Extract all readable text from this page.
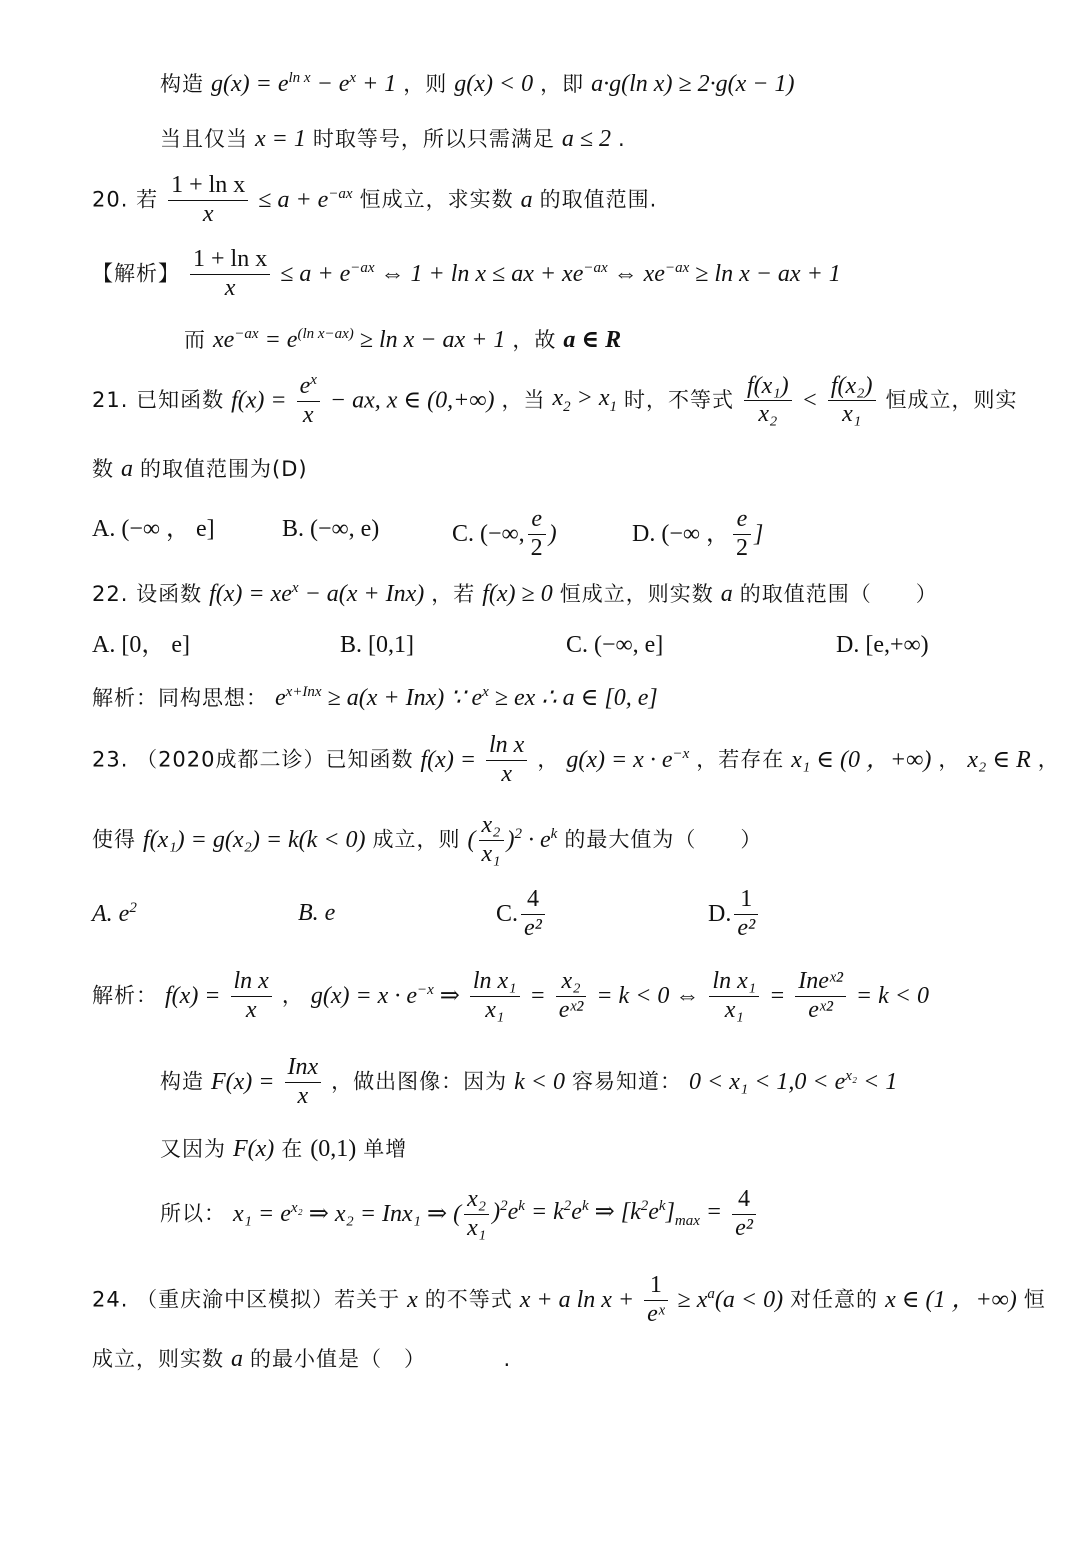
构造 $g(x) = e^{ln x} - e^x + 1$ ，则 g(x) < 0 ，即 a·g(ln x) ≥ 2·g(x − 1)
当且仅当 x = 1 时取等号，所以只需满足 a ≤ 2 .
20. 若 $\frac{\text{1 + ln x}}{x} \le a + e^{-ax}$ 恒成立，求实数 a 的取值范围.
【解析】 $\frac{\text{1 + ln x}}{x} \le a + e^{-ax}$ ⇔ 1 + ln x ≤ ax + $xe^{-ax}$ ⇔ $xe^{-ax} \ge \ln x$ − ax + 1
而 $xe^{-ax} = e^{(ln x-ax)} \ge \ln x$ − ax + 1 ，故 a ∈ R
21. 已知函数 $f(x) = \frac{e^x}{x}$ − ax, x ∈ (0,+∞) ，当 $x_2 > x_1$ 时，不等式 $\frac{\text{f(x₁)}}{\text{x₂}} < \frac{\text{f(x₂)}}{\text{x₁}}$ 恒成立，则实
数 a 的取值范围为(D)
A. (−∞ ， e]	B. (−∞, e)	C. (−∞, $\frac{e}{2}$ )	D. (−∞ ， $\frac{e}{2}$ ]
22. 设函数 $f(x) = xe^x - a(x + Inx)$ ，若 f(x) ≥ 0 恒成立，则实数 a 的取值范围（　　）
A. [0， e]	B. [0,1]	C. (−∞, e]	D. [e,+∞)
解析：同构思想： $e^{x+Inx} \ge a(x + Inx)$ ∵ $e^x$ ≥ ex ∴ a ∈ [0, e]
23. （2020成都二诊）已知函数 $f(x) = \frac{\text{ln x}}{x}$ ， $g(x) = x \cdot e^{-x}$ ，若存在 x₁ ∈ (0 ，+∞) ， x₂ ∈ R ，
使得 f(x₁) = g(x₂) = k(k < 0) 成立，则 ( $\frac{\text{x₂}}{\text{x₁}} )^2 \cdot e^k$ 的最大值为（　　）
A. $e^2$	B. e	C. $\frac{4}{\text{e²}}$	D. $\frac{1}{\text{e²}}$
解析： $f(x) = \frac{\text{ln x}}{x}$ ， $g(x) = x \cdot e^{-x}$ ⇒ $\frac{\text{ln x₁}}{\text{x₁}} = \frac{\text{x₂}}{\text{eˣ²}} = k < 0$ ⇔ $\frac{\text{ln x₁}}{\text{x₁}} = \frac{\text{Ineˣ²}}{\text{eˣ²}} = k < 0$
构造 $F(x) = \frac{\text{Inx}}{x}$ ，做出图像：因为 k < 0 容易知道： $0 < x_1 < 1,0 < e^{x_2} < 1$
又因为 F(x) 在 (0,1) 单增
所以： $x_1 = e^{x_2}$ ⇒ x₂ = Inx₁ ⇒ ( $\frac{\text{x₂}}{\text{x₁}} )^2e^k = k^2e^k$ ⇒ $[k^2e^k]_{max} = \frac{4}{\text{e²}}$
24. （重庆渝中区模拟）若关于 x 的不等式 x + a $\ln x + \frac{1}{\text{eˣ}} \ge x^a(a < 0)$ 对任意的 x ∈ (1 ，+∞) 恒
成立，则实数 a 的最小值是（　）　　　　.
